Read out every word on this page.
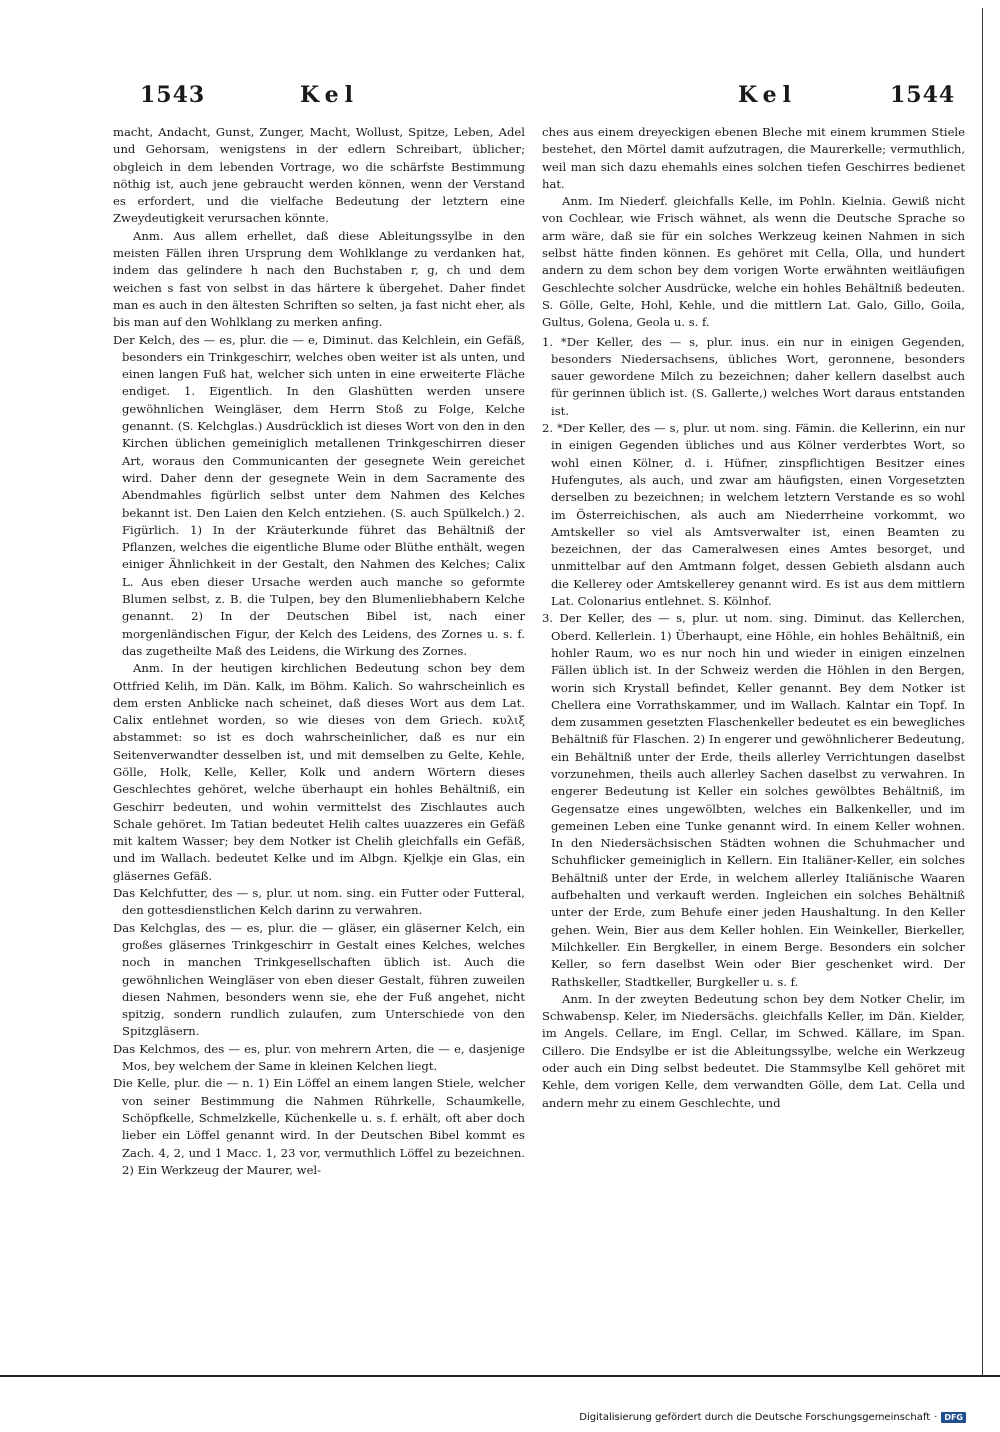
1543	Kel	Kel	1544

macht, Andacht, Gunst, Zunger, Macht, Wollust, Spitze, Leben, Adel und Gehorsam, wenigstens in der edlern Schreibart, üblicher; obgleich in dem lebenden Vortrage, wo die schärfste Bestimmung nöthig ist, auch jene gebraucht werden können, wenn der Verstand es erfordert, und die vielfache Bedeutung der letztern eine Zweydeutigkeit verursachen könnte.

Anm. Aus allem erhellet, daß diese Ableitungssylbe in den meisten Fällen ihren Ursprung dem Wohlklange zu verdanken hat, indem das gelindere h nach den Buchstaben r, g, ch und dem weichen s fast von selbst in das härtere k übergehet. Daher findet man es auch in den ältesten Schriften so selten, ja fast nicht eher, als bis man auf den Wohlklang zu merken anfing.

Der Kelch, des — es, plur. die — e, Diminut. das Kelchlein, ein Gefäß, besonders ein Trinkgeschirr, welches oben weiter ist als unten, und einen langen Fuß hat, welcher sich unten in eine erweiterte Fläche endiget. 1. Eigentlich. In den Glashütten werden unsere gewöhnlichen Weingläser, dem Herrn Stoß zu Folge, Kelche genannt. (S. Kelchglas.) Ausdrücklich ist dieses Wort von den in den Kirchen üblichen gemeiniglich metallenen Trinkgeschirren dieser Art, woraus den Communicanten der gesegnete Wein gereichet wird. Daher denn der gesegnete Wein in dem Sacramente des Abendmahles figürlich selbst unter dem Nahmen des Kelches bekannt ist. Den Laien den Kelch entziehen. (S. auch Spülkelch.) 2. Figürlich. 1) In der Kräuterkunde führet das Behältniß der Pflanzen, welches die eigentliche Blume oder Blüthe enthält, wegen einiger Ähnlichkeit in der Gestalt, den Nahmen des Kelches; Calix L. Aus eben dieser Ursache werden auch manche so geformte Blumen selbst, z. B. die Tulpen, bey den Blumenliebhabern Kelche genannt. 2) In der Deutschen Bibel ist, nach einer morgenländischen Figur, der Kelch des Leidens, des Zornes u. s. f. das zugetheilte Maß des Leidens, die Wirkung des Zornes.

Anm. In der heutigen kirchlichen Bedeutung schon bey dem Ottfried Kelih, im Dän. Kalk, im Böhm. Kalich. So wahrscheinlich es dem ersten Anblicke nach scheinet, daß dieses Wort aus dem Lat. Calix entlehnet worden, so wie dieses von dem Griech. κυλιξ abstammet: so ist es doch wahrscheinlicher, daß es nur ein Seitenverwandter desselben ist, und mit demselben zu Gelte, Kehle, Gölle, Holk, Kelle, Keller, Kolk und andern Wörtern dieses Geschlechtes gehöret, welche überhaupt ein hohles Behältniß, ein Geschirr bedeuten, und wohin vermittelst des Zischlautes auch Schale gehöret. Im Tatian bedeutet Helih caltes uuazzeres ein Gefäß mit kaltem Wasser; bey dem Notker ist Chelih gleichfalls ein Gefäß, und im Wallach. bedeutet Kelke und im Albgn. Kjelkje ein Glas, ein gläsernes Gefäß.

Das Kelchfutter, des — s, plur. ut nom. sing. ein Futter oder Futteral, den gottesdienstlichen Kelch darinn zu verwahren.

Das Kelchglas, des — es, plur. die — gläser, ein gläserner Kelch, ein großes gläsernes Trinkgeschirr in Gestalt eines Kelches, welches noch in manchen Trinkgesellschaften üblich ist. Auch die gewöhnlichen Weingläser von eben dieser Gestalt, führen zuweilen diesen Nahmen, besonders wenn sie, ehe der Fuß angehet, nicht spitzig, sondern rundlich zulaufen, zum Unterschiede von den Spitzgläsern.

Das Kelchmos, des — es, plur. von mehrern Arten, die — e, dasjenige Mos, bey welchem der Same in kleinen Kelchen liegt.

Die Kelle, plur. die — n. 1) Ein Löffel an einem langen Stiele, welcher von seiner Bestimmung die Nahmen Rührkelle, Schaumkelle, Schöpfkelle, Schmelzkelle, Küchenkelle u. s. f. erhält, oft aber doch lieber ein Löffel genannt wird. In der Deutschen Bibel kommt es Zach. 4, 2, und 1 Macc. 1, 23 vor, vermuthlich Löffel zu bezeichnen. 2) Ein Werkzeug der Maurer, wel-

ches aus einem dreyeckigen ebenen Bleche mit einem krummen Stiele bestehet, den Mörtel damit aufzutragen, die Maurerkelle; vermuthlich, weil man sich dazu ehemahls eines solchen tiefen Geschirres bedienet hat.

Anm. Im Niederf. gleichfalls Kelle, im Pohln. Kielnia. Gewiß nicht von Cochlear, wie Frisch wähnet, als wenn die Deutsche Sprache so arm wäre, daß sie für ein solches Werkzeug keinen Nahmen in sich selbst hätte finden können. Es gehöret mit Cella, Olla, und hundert andern zu dem schon bey dem vorigen Worte erwähnten weitläufigen Geschlechte solcher Ausdrücke, welche ein hohles Behältniß bedeuten. S. Gölle, Gelte, Hohl, Kehle, und die mittlern Lat. Galo, Gillo, Goila, Gultus, Golena, Geola u. s. f.

1. *Der Keller, des — s, plur. inus. ein nur in einigen Gegenden, besonders Niedersachsens, übliches Wort, geronnene, besonders sauer gewordene Milch zu bezeichnen; daher kellern daselbst auch für gerinnen üblich ist. (S. Gallerte,) welches Wort daraus entstanden ist.

2. *Der Keller, des — s, plur. ut nom. sing. Fämin. die Kellerinn, ein nur in einigen Gegenden übliches und aus Kölner verderbtes Wort, so wohl einen Kölner, d. i. Hüfner, zinspflichtigen Besitzer eines Hufengutes, als auch, und zwar am häufigsten, einen Vorgesetzten derselben zu bezeichnen; in welchem letztern Verstande es so wohl im Österreichischen, als auch am Niederrheine vorkommt, wo Amtskeller so viel als Amtsverwalter ist, einen Beamten zu bezeichnen, der das Cameralwesen eines Amtes besorget, und unmittelbar auf den Amtmann folget, dessen Gebieth alsdann auch die Kellerey oder Amtskellerey genannt wird. Es ist aus dem mittlern Lat. Colonarius entlehnet. S. Kölnhof.

3. Der Keller, des — s, plur. ut nom. sing. Diminut. das Kellerchen, Oberd. Kellerlein. 1) Überhaupt, eine Höhle, ein hohles Behältniß, ein hohler Raum, wo es nur noch hin und wieder in einigen einzelnen Fällen üblich ist. In der Schweiz werden die Höhlen in den Bergen, worin sich Krystall befindet, Keller genannt. Bey dem Notker ist Chellera eine Vorrathskammer, und im Wallach. Kalntar ein Topf. In dem zusammen gesetzten Flaschenkeller bedeutet es ein bewegliches Behältniß für Flaschen. 2) In engerer und gewöhnlicherer Bedeutung, ein Behältniß unter der Erde, theils allerley Verrichtungen daselbst vorzunehmen, theils auch allerley Sachen daselbst zu verwahren. In engerer Bedeutung ist Keller ein solches gewölbtes Behältniß, im Gegensatze eines ungewölbten, welches ein Balkenkeller, und im gemeinen Leben eine Tunke genannt wird. In einem Keller wohnen. In den Niedersächsischen Städten wohnen die Schuhmacher und Schuhflicker gemeiniglich in Kellern. Ein Italiäner-Keller, ein solches Behältniß unter der Erde, in welchem allerley Italiänische Waaren aufbehalten und verkauft werden. Ingleichen ein solches Behältniß unter der Erde, zum Behufe einer jeden Haushaltung. In den Keller gehen. Wein, Bier aus dem Keller hohlen. Ein Weinkeller, Bierkeller, Milchkeller. Ein Bergkeller, in einem Berge. Besonders ein solcher Keller, so fern daselbst Wein oder Bier geschenket wird. Der Rathskeller, Stadtkeller, Burgkeller u. s. f.

Anm. In der zweyten Bedeutung schon bey dem Notker Chelir, im Schwabensp. Keler, im Niedersächs. gleichfalls Keller, im Dän. Kielder, im Angels. Cellare, im Engl. Cellar, im Schwed. Källare, im Span. Cillero. Die Endsylbe er ist die Ableitungssylbe, welche ein Werkzeug oder auch ein Ding selbst bedeutet. Die Stammsylbe Kell gehöret mit Kehle, dem vorigen Kelle, dem verwandten Gölle, dem Lat. Cella und andern mehr zu einem Geschlechte, und

Digitalisierung gefördert durch die Deutsche Forschungsgemeinschaft · DFG
